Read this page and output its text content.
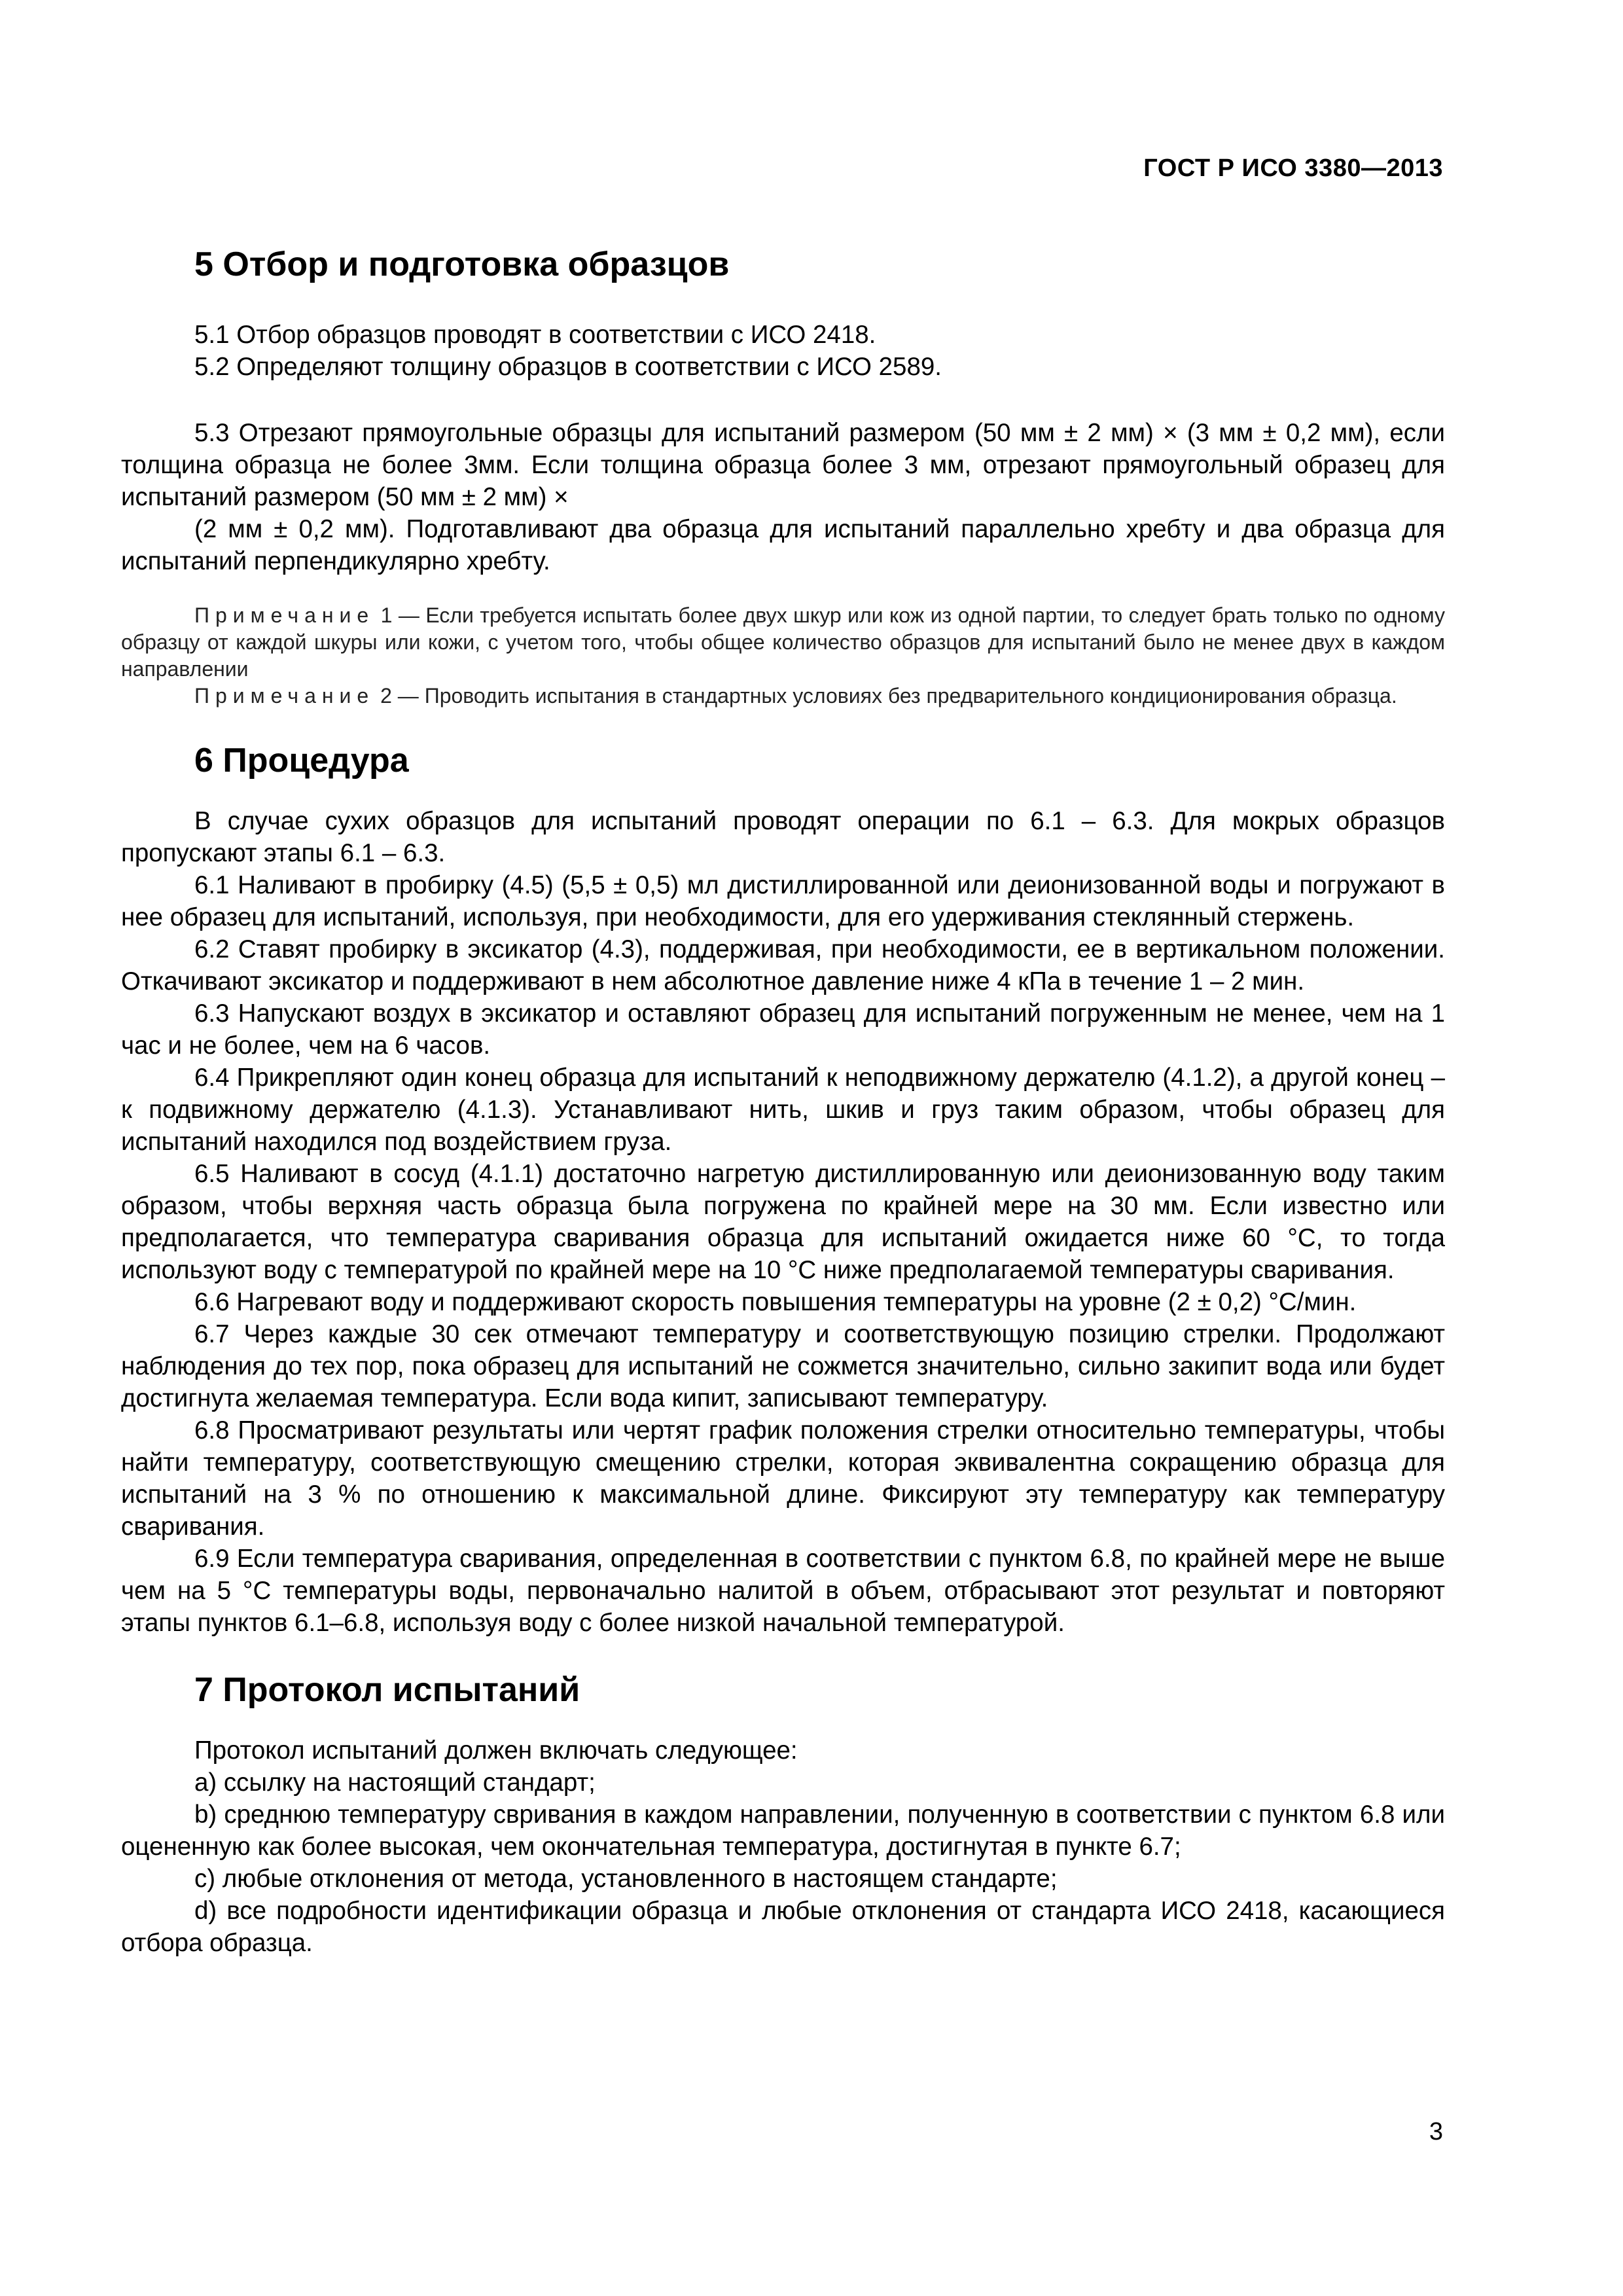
ГОСТ Р ИСО 3380—2013
5 Отбор и подготовка образцов

5.1 Отбор образцов проводят в соответствии с ИСО 2418.

5.2 Определяют толщину образцов в соответствии с ИСО 2589.

5.3 Отрезают прямоугольные образцы для испытаний размером (50 мм ± 2 мм) × (3 мм ± 0,2 мм), если толщина образца не более 3мм. Если толщина образца более 3 мм, отрезают прямоугольный образец для испытаний размером (50 мм ± 2 мм) ×

(2 мм ± 0,2 мм). Подготавливают два образца для испытаний параллельно хребту и два образца для испытаний перпендикулярно хребту.

Примечание 1 — Если требуется испытать более двух шкур или кож из одной партии, то следует брать только по одному образцу от каждой шкуры или кожи, с учетом того, чтобы общее количество образцов для испытаний было не менее двух в каждом направлении

Примечание 2 — Проводить испытания в стандартных условиях без предварительного кондиционирования образца.

6 Процедура

В случае сухих образцов для испытаний проводят операции по 6.1 – 6.3. Для мокрых образцов пропускают этапы 6.1 – 6.3.

6.1 Наливают в пробирку (4.5) (5,5 ± 0,5) мл дистиллированной или деионизованной воды и погружают в нее образец для испытаний, используя, при необходимости, для его удерживания стеклянный стержень.

6.2 Ставят пробирку в эксикатор (4.3), поддерживая, при необходимости, ее в вертикальном положении. Откачивают эксикатор и поддерживают в нем абсолютное давление ниже 4 кПа в течение 1 – 2 мин.

6.3 Напускают воздух в эксикатор и оставляют образец для испытаний погруженным не менее, чем на 1 час и не более, чем на 6 часов.

6.4 Прикрепляют один конец образца для испытаний к неподвижному держателю (4.1.2), а другой конец – к подвижному держателю (4.1.3). Устанавливают нить, шкив и груз таким образом, чтобы образец для испытаний находился под воздействием груза.

6.5 Наливают в сосуд (4.1.1) достаточно нагретую дистиллированную или деионизованную воду таким образом, чтобы верхняя часть образца была погружена по крайней мере на 30 мм. Если известно или предполагается, что температура сваривания образца для испытаний ожидается ниже 60 °С, то тогда используют воду с температурой по крайней мере на 10 °С ниже предполагаемой температуры сваривания.

6.6 Нагревают воду и поддерживают скорость повышения температуры на уровне (2 ± 0,2) °С/мин.

6.7 Через каждые 30 сек отмечают температуру и соответствующую позицию стрелки. Продолжают наблюдения до тех пор, пока образец для испытаний не сожмется значительно, сильно закипит вода или будет достигнута желаемая температура. Если вода кипит, записывают температуру.

6.8 Просматривают результаты или чертят график положения стрелки относительно температуры, чтобы найти температуру, соответствующую смещению стрелки, которая эквивалентна сокращению образца для испытаний на 3 % по отношению к максимальной длине. Фиксируют эту температуру как температуру сваривания.

6.9 Если температура сваривания, определенная в соответствии с пунктом 6.8, по крайней мере не выше чем на 5 °С температуры воды, первоначально налитой в объем, отбрасывают этот результат и повторяют этапы пунктов 6.1–6.8, используя воду с более низкой начальной температурой.

7 Протокол испытаний

Протокол испытаний должен включать следующее:

а) ссылку на настоящий стандарт;

b) среднюю температуру свривания в каждом направлении, полученную в соответствии с пунктом 6.8 или оцененную как более высокая, чем окончательная температура, достигнутая в пункте 6.7;

c) любые отклонения от метода, установленного в настоящем стандарте;

d) все подробности идентификации образца и любые отклонения от стандарта ИСО 2418, касающиеся отбора образца.

3
